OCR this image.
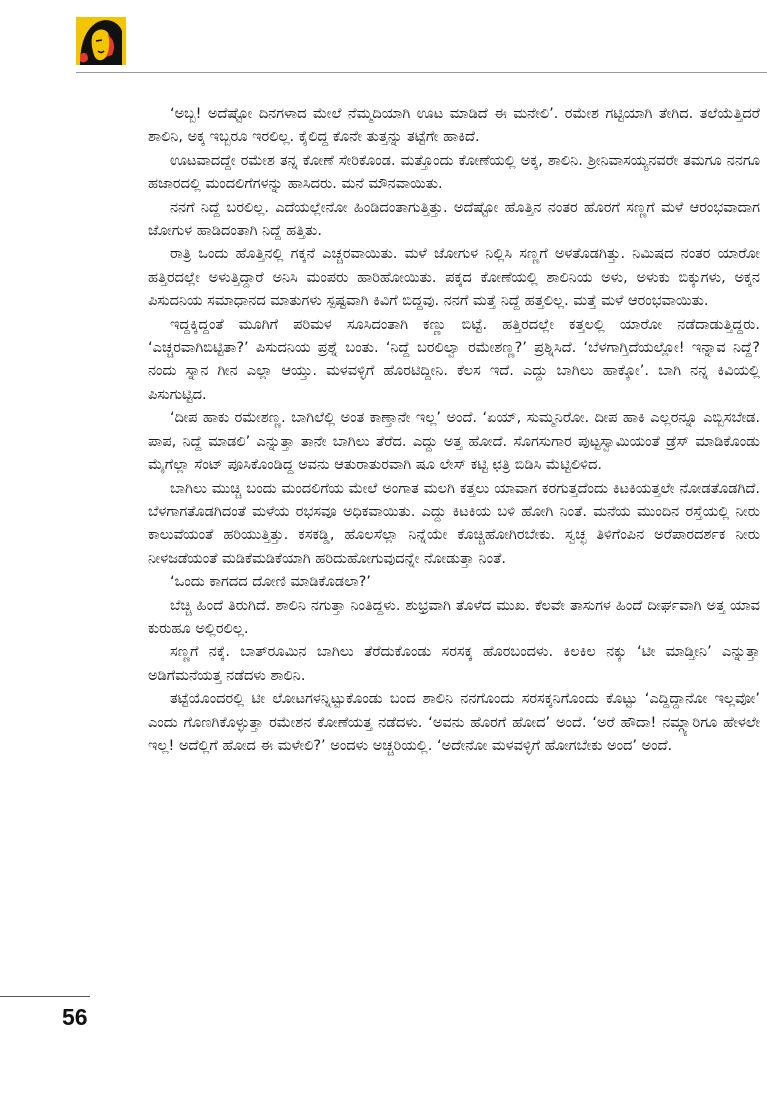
‘ಅಬ್ಬ! ಅದೆಷ್ಟೋ ದಿನಗಳಾದ ಮೇಲೆ ನೆಮ್ಮದಿಯಾಗಿ ಊಟ ಮಾಡಿದೆ ಈ ಮನೇಲಿ’. ರಮೇಶ ಗಟ್ಟಿಯಾಗಿ ತೇಗಿದ. ತಲೆಯೆತ್ತಿದರೆ ಶಾಲಿನಿ, ಅಕ್ಕ ಇಬ್ಬರೂ ಇರಲಿಲ್ಲ. ಕೈಲಿದ್ದ ಕೊನೇ ತುತ್ತನ್ನು ತಟ್ಟೆಗೇ ಹಾಕಿದೆ.

ಊಟವಾದದ್ದೇ ರಮೇಶ ತನ್ನ ಕೋಣೆ ಸೇರಿಕೊಂಡ. ಮತ್ತೊಂದು ಕೋಣೆಯಲ್ಲಿ ಅಕ್ಕ, ಶಾಲಿನಿ. ಶ್ರೀನಿವಾಸಯ್ಯನವರೇ ತಮಗೂ ನನಗೂ ಹಜಾರದಲ್ಲಿ ಮಂದಲಿಗೆಗಳನ್ನು ಹಾಸಿದರು. ಮನೆ ಮೌನವಾಯಿತು.

ನನಗೆ ನಿದ್ದೆ ಬರಲಿಲ್ಲ. ಎದೆಯಲ್ಲೇನೋ ಹಿಂಡಿದಂತಾಗುತ್ತಿತ್ತು. ಅದೆಷ್ಟೋ ಹೊತ್ತಿನ ನಂತರ ಹೊರಗೆ ಸಣ್ಣಗೆ ಮಳೆ ಆರಂಭವಾದಾಗ ಜೋಗುಳ ಹಾಡಿದಂತಾಗಿ ನಿದ್ದೆ ಹತ್ತಿತು.

ರಾತ್ರಿ ಒಂದು ಹೊತ್ತಿನಲ್ಲಿ ಗಕ್ಕನೆ ಎಚ್ಚರವಾಯಿತು. ಮಳೆ ಜೋಗುಳ ನಿಲ್ಲಿಸಿ ಸಣ್ಣಗೆ ಅಳತೊಡಗಿತ್ತು. ನಿಮಿಷದ ನಂತರ ಯಾರೋ ಹತ್ತಿರದಲ್ಲೇ ಅಳುತ್ತಿದ್ದಾರೆ ಅನಿಸಿ ಮಂಪರು ಹಾರಿಹೋಯಿತು. ಪಕ್ಕದ ಕೋಣೆಯಲ್ಲಿ ಶಾಲಿನಿಯ ಅಳು, ಅಳುಕು ಬಿಕ್ಕುಗಳು, ಅಕ್ಕನ ಪಿಸುದನಿಯ ಸಮಾಧಾನದ ಮಾತುಗಳು ಸ್ಪಷ್ಟವಾಗಿ ಕಿವಿಗೆ ಬಿದ್ದವು. ನನಗೆ ಮತ್ತೆ ನಿದ್ದೆ ಹತ್ತಲಿಲ್ಲ. ಮತ್ತೆ ಮಳೆ ಆರಂಭವಾಯಿತು.

ಇದ್ದಕ್ಕಿದ್ದಂತೆ ಮೂಗಿಗೆ ಪರಿಮಳ ಸೂಸಿದಂತಾಗಿ ಕಣ್ಣು ಬಿಟ್ಟೆ. ಹತ್ತಿರದಲ್ಲೇ ಕತ್ತಲಲ್ಲಿ ಯಾರೋ ನಡೆದಾಡುತ್ತಿದ್ದರು. ‘ಎಚ್ಚರವಾಗಿಬಿಟ್ಟಿತಾ?’ ಪಿಸುದನಿಯ ಪ್ರಶ್ನೆ ಬಂತು. ‘ನಿದ್ದೆ ಬರಲಿಲ್ವಾ ರಮೇಶಣ್ಣ?’ ಪ್ರಶ್ನಿಸಿದೆ. ‘ಬೆಳಗಾಗ್ತಿದೆಯಲ್ಲೋ! ಇನ್ನಾವ ನಿದ್ದೆ? ನಂದು ಸ್ನಾನ ಗೀನ ಎಲ್ಲಾ ಆಯ್ತು. ಮಳವಳ್ಳಿಗೆ ಹೊರಟಿದ್ದೀನಿ. ಕೆಲಸ ಇದೆ. ಎದ್ದು ಬಾಗಿಲು ಹಾಕ್ಕೋ’. ಬಾಗಿ ನನ್ನ ಕಿವಿಯಲ್ಲಿ ಪಿಸುಗುಟ್ಟಿದ.

‘ದೀಪ ಹಾಕು ರಮೇಶಣ್ಣ. ಬಾಗಿಲೆಲ್ಲಿ ಅಂತ ಕಾಣ್ತಾನೇ ಇಲ್ಲ’ ಅಂದೆ. ‘ಏಯ್, ಸುಮ್ಮನಿರೋ. ದೀಪ ಹಾಕಿ ಎಲ್ಲರನ್ನೂ ಎಬ್ಬಿಸಬೇಡ. ಪಾಪ, ನಿದ್ದೆ ಮಾಡಲಿ’ ಎನ್ನುತ್ತಾ ತಾನೇ ಬಾಗಿಲು ತೆರೆದ. ಎದ್ದು ಅತ್ತ ಹೋದೆ. ಸೊಗಸುಗಾರ ಪುಟ್ಟಸ್ವಾಮಿಯಂತೆ ಡ್ರೆಸ್ ಮಾಡಿಕೊಂಡು ಮೈಗೆಲ್ಲಾ ಸೆಂಟ್ ಪೂಸಿಕೊಂಡಿದ್ದ ಅವನು ಆತುರಾತುರವಾಗಿ ಷೂ ಲೇಸ್ ಕಟ್ಟಿ ಛತ್ರಿ ಬಿಡಿಸಿ ಮೆಟ್ಟಿಲಿಳಿದ.

ಬಾಗಿಲು ಮುಚ್ಚಿ ಬಂದು ಮಂದಲಿಗೆಯ ಮೇಲೆ ಅಂಗಾತ ಮಲಗಿ ಕತ್ತಲು ಯಾವಾಗ ಕರಗುತ್ತದೆಂದು ಕಿಟಕಿಯತ್ತಲೇ ನೋಡತೊಡಗಿದೆ. ಬೆಳಗಾಗತೊಡಗಿದಂತೆ ಮಳೆಯ ರಭಸವೂ ಅಧಿಕವಾಯಿತು. ಎದ್ದು ಕಿಟಕಿಯ ಬಳಿ ಹೋಗಿ ನಿಂತೆ. ಮನೆಯ ಮುಂದಿನ ರಸ್ತೆಯಲ್ಲಿ ನೀರು ಕಾಲುವೆಯಂತೆ ಹರಿಯುತ್ತಿತ್ತು. ಕಸಕಡ್ಡಿ, ಹೊಲಸೆಲ್ಲಾ ನಿನ್ನೆಯೇ ಕೊಚ್ಚಿಹೋಗಿರಬೇಕು. ಸ್ವಚ್ಛ ತಿಳಿಗೆಂಪಿನ ಅರೆಪಾರದರ್ಶಕ ನೀರು ನೀಳಜಡೆಯಂತೆ ಮಡಿಕೆಮಡಿಕೆಯಾಗಿ ಹರಿದುಹೋಗುವುದನ್ನೇ ನೋಡುತ್ತಾ ನಿಂತೆ.

‘ಒಂದು ಕಾಗದದ ದೋಣಿ ಮಾಡಿಕೊಡಲಾ?’

ಬೆಚ್ಚಿ ಹಿಂದೆ ತಿರುಗಿದೆ. ಶಾಲಿನಿ ನಗುತ್ತಾ ನಿಂತಿದ್ದಳು. ಶುಭ್ರವಾಗಿ ತೊಳೆದ ಮುಖ. ಕೆಲವೇ ತಾಸುಗಳ ಹಿಂದೆ ದೀರ್ಘವಾಗಿ ಅತ್ತ ಯಾವ ಕುರುಹೂ ಅಲ್ಲಿರಲಿಲ್ಲ.

ಸಣ್ಣಗೆ ನಕ್ಕೆ. ಬಾತ್‌ರೂಮಿನ ಬಾಗಿಲು ತೆರೆದುಕೊಂಡು ಸರಸಕ್ಕ ಹೊರಬಂದಳು. ಕಿಲಕಿಲ ನಕ್ಕು ‘ಟೀ ಮಾಡ್ತೀನಿ’ ಎನ್ನುತ್ತಾ ಅಡಿಗೆಮನೆಯತ್ತ ನಡೆದಳು ಶಾಲಿನಿ.

ತಟ್ಟೆಯೊಂದರಲ್ಲಿ ಟೀ ಲೋಟಗಳನ್ನಿಟ್ಟುಕೊಂಡು ಬಂದ ಶಾಲಿನಿ ನನಗೊಂದು ಸರಸಕ್ಕನಿಗೊಂದು ಕೊಟ್ಟು ‘ಎದ್ದಿದ್ದಾನೋ ಇಲ್ಲವೋ’ ಎಂದು ಗೊಣಗಿಕೊಳ್ಳುತ್ತಾ ರಮೇಶನ ಕೋಣೆಯತ್ತ ನಡೆದಳು. ‘ಅವನು ಹೊರಗೆ ಹೋದ’ ಅಂದೆ. ‘ಅರೆ ಹೌದಾ! ನಮ್ಗ್ಯಾರಿಗೂ ಹೇಳಲೇ ಇಲ್ಲ! ಅದೆಲ್ಲಿಗೆ ಹೋದ ಈ ಮಳೇಲಿ?’ ಅಂದಳು ಅಚ್ಚರಿಯಲ್ಲಿ. ‘ಅದೇನೋ ಮಳವಳ್ಳಿಗೆ ಹೋಗಬೇಕು ಅಂದ’ ಅಂದೆ.

56
